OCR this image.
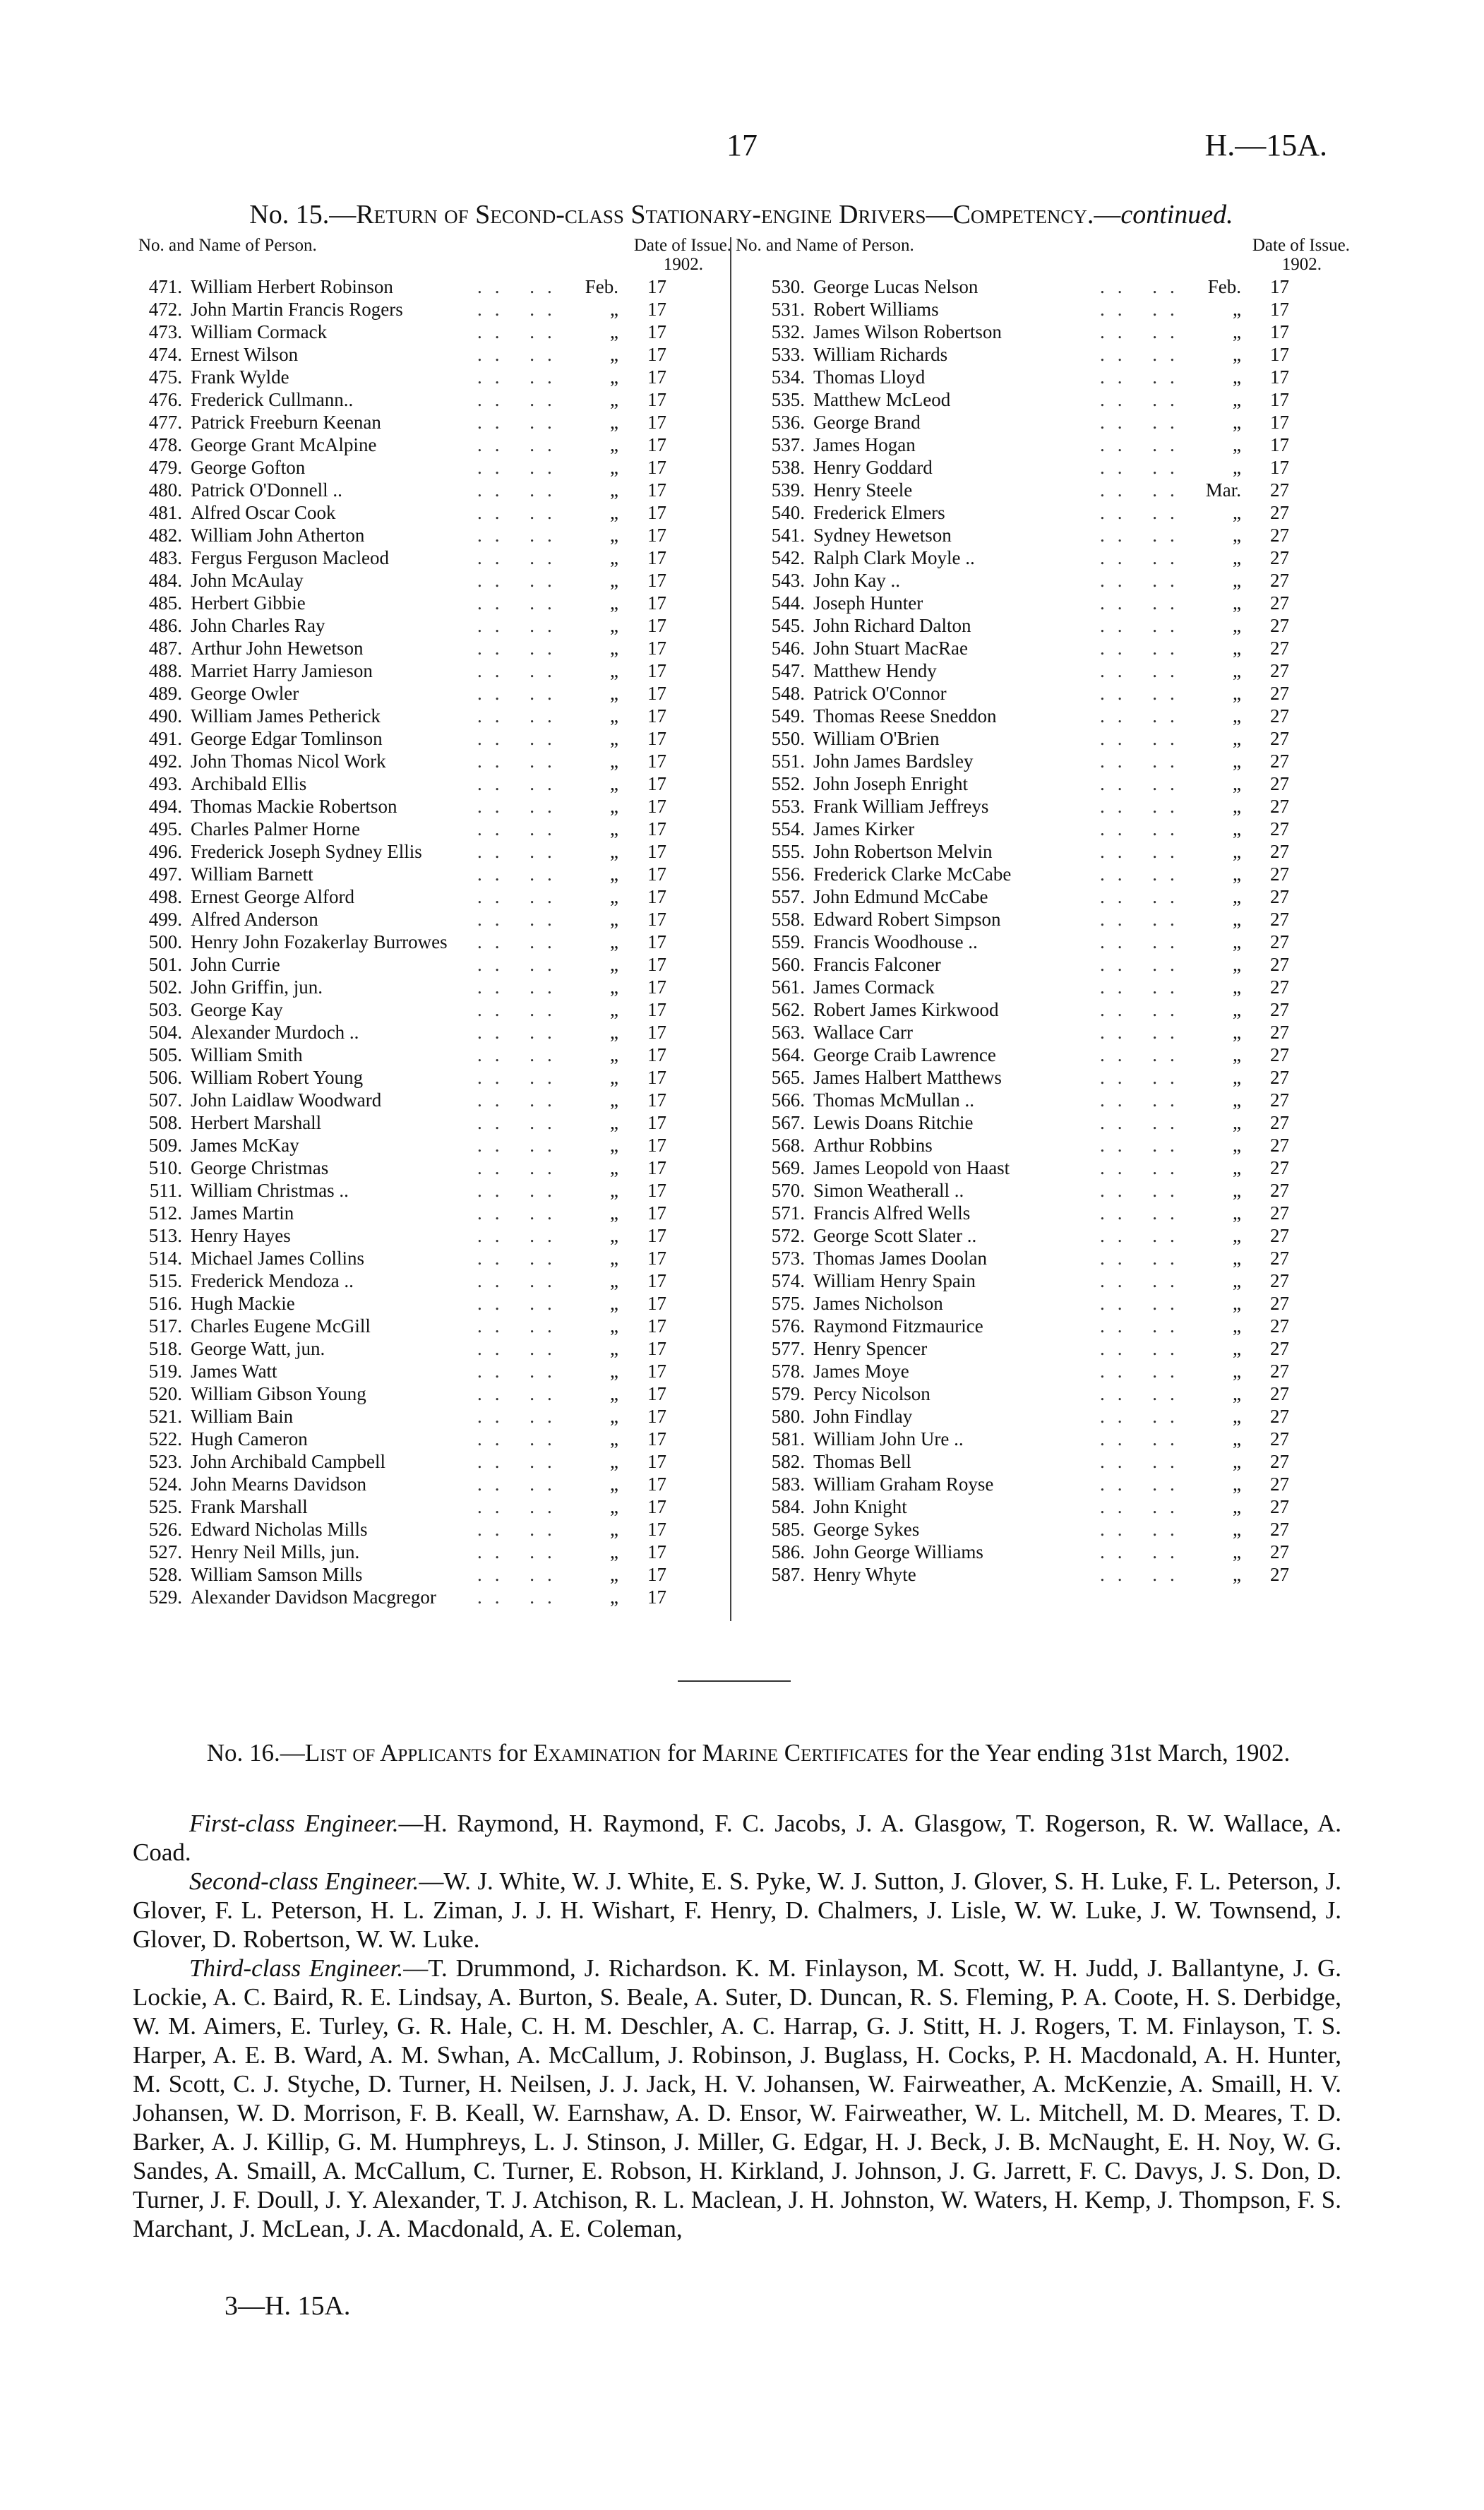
17	H.—15A.
No. 15.—Return of Second-class Stationary-engine Drivers—Competency.—continued.
No. and Name of Person.	Date of Issue.
1902.
No. and Name of Person.	Date of Issue.
1902.
471. William Herbert Robinson	Feb.	17
.. ..
472. John Martin Francis Rogers	„	17
.. ..
473. William Cormack	„	17
.. ..
474. Ernest Wilson	„	17
.. ..
475. Frank Wylde	„	17
.. ..
476. Frederick Cullmann..	„	17
.. ..
477. Patrick Freeburn Keenan	„	17
.. ..
478. George Grant McAlpine	„	17
.. ..
479. George Gofton	„	17
.. ..
480. Patrick O'Donnell ..	„	17
.. ..
481. Alfred Oscar Cook	„	17
.. ..
482. William John Atherton	„	17
.. ..
483. Fergus Ferguson Macleod	„	17
.. ..
484. John McAulay	„	17
.. ..
485. Herbert Gibbie	„	17
.. ..
486. John Charles Ray	„	17
.. ..
487. Arthur John Hewetson	„	17
.. ..
488. Marriet Harry Jamieson	„	17
.. ..
489. George Owler	„	17
.. ..
490. William James Petherick	„	17
.. ..
491. George Edgar Tomlinson	„	17
.. ..
492. John Thomas Nicol Work	„	17
.. ..
493. Archibald Ellis	„	17
.. ..
494. Thomas Mackie Robertson	„	17
.. ..
495. Charles Palmer Horne	„	17
.. ..
496. Frederick Joseph Sydney Ellis	„	17
.. ..
497. William Barnett	„	17
.. ..
498. Ernest George Alford	„	17
.. ..
499. Alfred Anderson	„	17
.. ..
500. Henry John Fozakerlay Burrowes	„	17
.. ..
501. John Currie	„	17
.. ..
502. John Griffin, jun.	„	17
.. ..
503. George Kay	„	17
.. ..
504. Alexander Murdoch ..	„	17
.. ..
505. William Smith	„	17
.. ..
506. William Robert Young	„	17
.. ..
507. John Laidlaw Woodward	„	17
.. ..
508. Herbert Marshall	„	17
.. ..
509. James McKay	„	17
.. ..
510. George Christmas	„	17
.. ..
511. William Christmas ..	„	17
.. ..
512. James Martin	„	17
.. ..
513. Henry Hayes	„	17
.. ..
514. Michael James Collins	„	17
.. ..
515. Frederick Mendoza ..	„	17
.. ..
516. Hugh Mackie	„	17
.. ..
517. Charles Eugene McGill	„	17
.. ..
518. George Watt, jun.	„	17
.. ..
519. James Watt	„	17
.. ..
520. William Gibson Young	„	17
.. ..
521. William Bain	„	17
.. ..
522. Hugh Cameron	„	17
.. ..
523. John Archibald Campbell	„	17
.. ..
524. John Mearns Davidson	„	17
.. ..
525. Frank Marshall	„	17
.. ..
526. Edward Nicholas Mills	„	17
.. ..
527. Henry Neil Mills, jun.	„	17
.. ..
528. William Samson Mills	„	17
.. ..
529. Alexander Davidson Macgregor	„	17
.. ..
530. George Lucas Nelson	Feb.	17
.. ..
531. Robert Williams	„	17
.. ..
532. James Wilson Robertson	„	17
.. ..
533. William Richards	„	17
.. ..
534. Thomas Lloyd	„	17
.. ..
535. Matthew McLeod	„	17
.. ..
536. George Brand	„	17
.. ..
537. James Hogan	„	17
.. ..
538. Henry Goddard	„	17
.. ..
539. Henry Steele	Mar.	27
.. ..
540. Frederick Elmers	„	27
.. ..
541. Sydney Hewetson	„	27
.. ..
542. Ralph Clark Moyle ..	„	27
.. ..
543. John Kay ..	„	27
.. ..
544. Joseph Hunter	„	27
.. ..
545. John Richard Dalton	„	27
.. ..
546. John Stuart MacRae	„	27
.. ..
547. Matthew Hendy	„	27
.. ..
548. Patrick O'Connor	„	27
.. ..
549. Thomas Reese Sneddon	„	27
.. ..
550. William O'Brien	„	27
.. ..
551. John James Bardsley	„	27
.. ..
552. John Joseph Enright	„	27
.. ..
553. Frank William Jeffreys	„	27
.. ..
554. James Kirker	„	27
.. ..
555. John Robertson Melvin	„	27
.. ..
556. Frederick Clarke McCabe	„	27
.. ..
557. John Edmund McCabe	„	27
.. ..
558. Edward Robert Simpson	„	27
.. ..
559. Francis Woodhouse ..	„	27
.. ..
560. Francis Falconer	„	27
.. ..
561. James Cormack	„	27
.. ..
562. Robert James Kirkwood	„	27
.. ..
563. Wallace Carr	„	27
.. ..
564. George Craib Lawrence	„	27
.. ..
565. James Halbert Matthews	„	27
.. ..
566. Thomas McMullan ..	„	27
.. ..
567. Lewis Doans Ritchie	„	27
.. ..
568. Arthur Robbins	„	27
.. ..
569. James Leopold von Haast	„	27
.. ..
570. Simon Weatherall ..	„	27
.. ..
571. Francis Alfred Wells	„	27
.. ..
572. George Scott Slater ..	„	27
.. ..
573. Thomas James Doolan	„	27
.. ..
574. William Henry Spain	„	27
.. ..
575. James Nicholson	„	27
.. ..
576. Raymond Fitzmaurice	„	27
.. ..
577. Henry Spencer	„	27
.. ..
578. James Moye	„	27
.. ..
579. Percy Nicolson	„	27
.. ..
580. John Findlay	„	27
.. ..
581. William John Ure ..	„	27
.. ..
582. Thomas Bell	„	27
.. ..
583. William Graham Royse	„	27
.. ..
584. John Knight	„	27
.. ..
585. George Sykes	„	27
.. ..
586. John George Williams	„	27
.. ..
587. Henry Whyte	„	27
.. ..
No. 16.—List of Applicants for Examination for Marine Certificates for the Year ending 31st March, 1902.

First-class Engineer.—H. Raymond, H. Raymond, F. C. Jacobs, J. A. Glasgow, T. Rogerson, R. W. Wallace, A. Coad.

Second-class Engineer.—W. J. White, W. J. White, E. S. Pyke, W. J. Sutton, J. Glover, S. H. Luke, F. L. Peterson, J. Glover, F. L. Peterson, H. L. Ziman, J. J. H. Wishart, F. Henry, D. Chalmers, J. Lisle, W. W. Luke, J. W. Townsend, J. Glover, D. Robertson, W. W. Luke.

Third-class Engineer.—T. Drummond, J. Richardson. K. M. Finlayson, M. Scott, W. H. Judd, J. Ballantyne, J. G. Lockie, A. C. Baird, R. E. Lindsay, A. Burton, S. Beale, A. Suter, D. Duncan, R. S. Fleming, P. A. Coote, H. S. Derbidge, W. M. Aimers, E. Turley, G. R. Hale, C. H. M. Deschler, A. C. Harrap, G. J. Stitt, H. J. Rogers, T. M. Finlayson, T. S. Harper, A. E. B. Ward, A. M. Swhan, A. McCallum, J. Robinson, J. Buglass, H. Cocks, P. H. Macdonald, A. H. Hunter, M. Scott, C. J. Styche, D. Turner, H. Neilsen, J. J. Jack, H. V. Johansen, W. Fairweather, A. McKenzie, A. Smaill, H. V. Johansen, W. D. Morrison, F. B. Keall, W. Earnshaw, A. D. Ensor, W. Fairweather, W. L. Mitchell, M. D. Meares, T. D. Barker, A. J. Killip, G. M. Humphreys, L. J. Stinson, J. Miller, G. Edgar, H. J. Beck, J. B. McNaught, E. H. Noy, W. G. Sandes, A. Smaill, A. McCallum, C. Turner, E. Robson, H. Kirkland, J. Johnson, J. G. Jarrett, F. C. Davys, J. S. Don, D. Turner, J. F. Doull, J. Y. Alexander, T. J. Atchison, R. L. Maclean, J. H. Johnston, W. Waters, H. Kemp, J. Thompson, F. S. Marchant, J. McLean, J. A. Macdonald, A. E. Coleman,

3—H. 15A.
